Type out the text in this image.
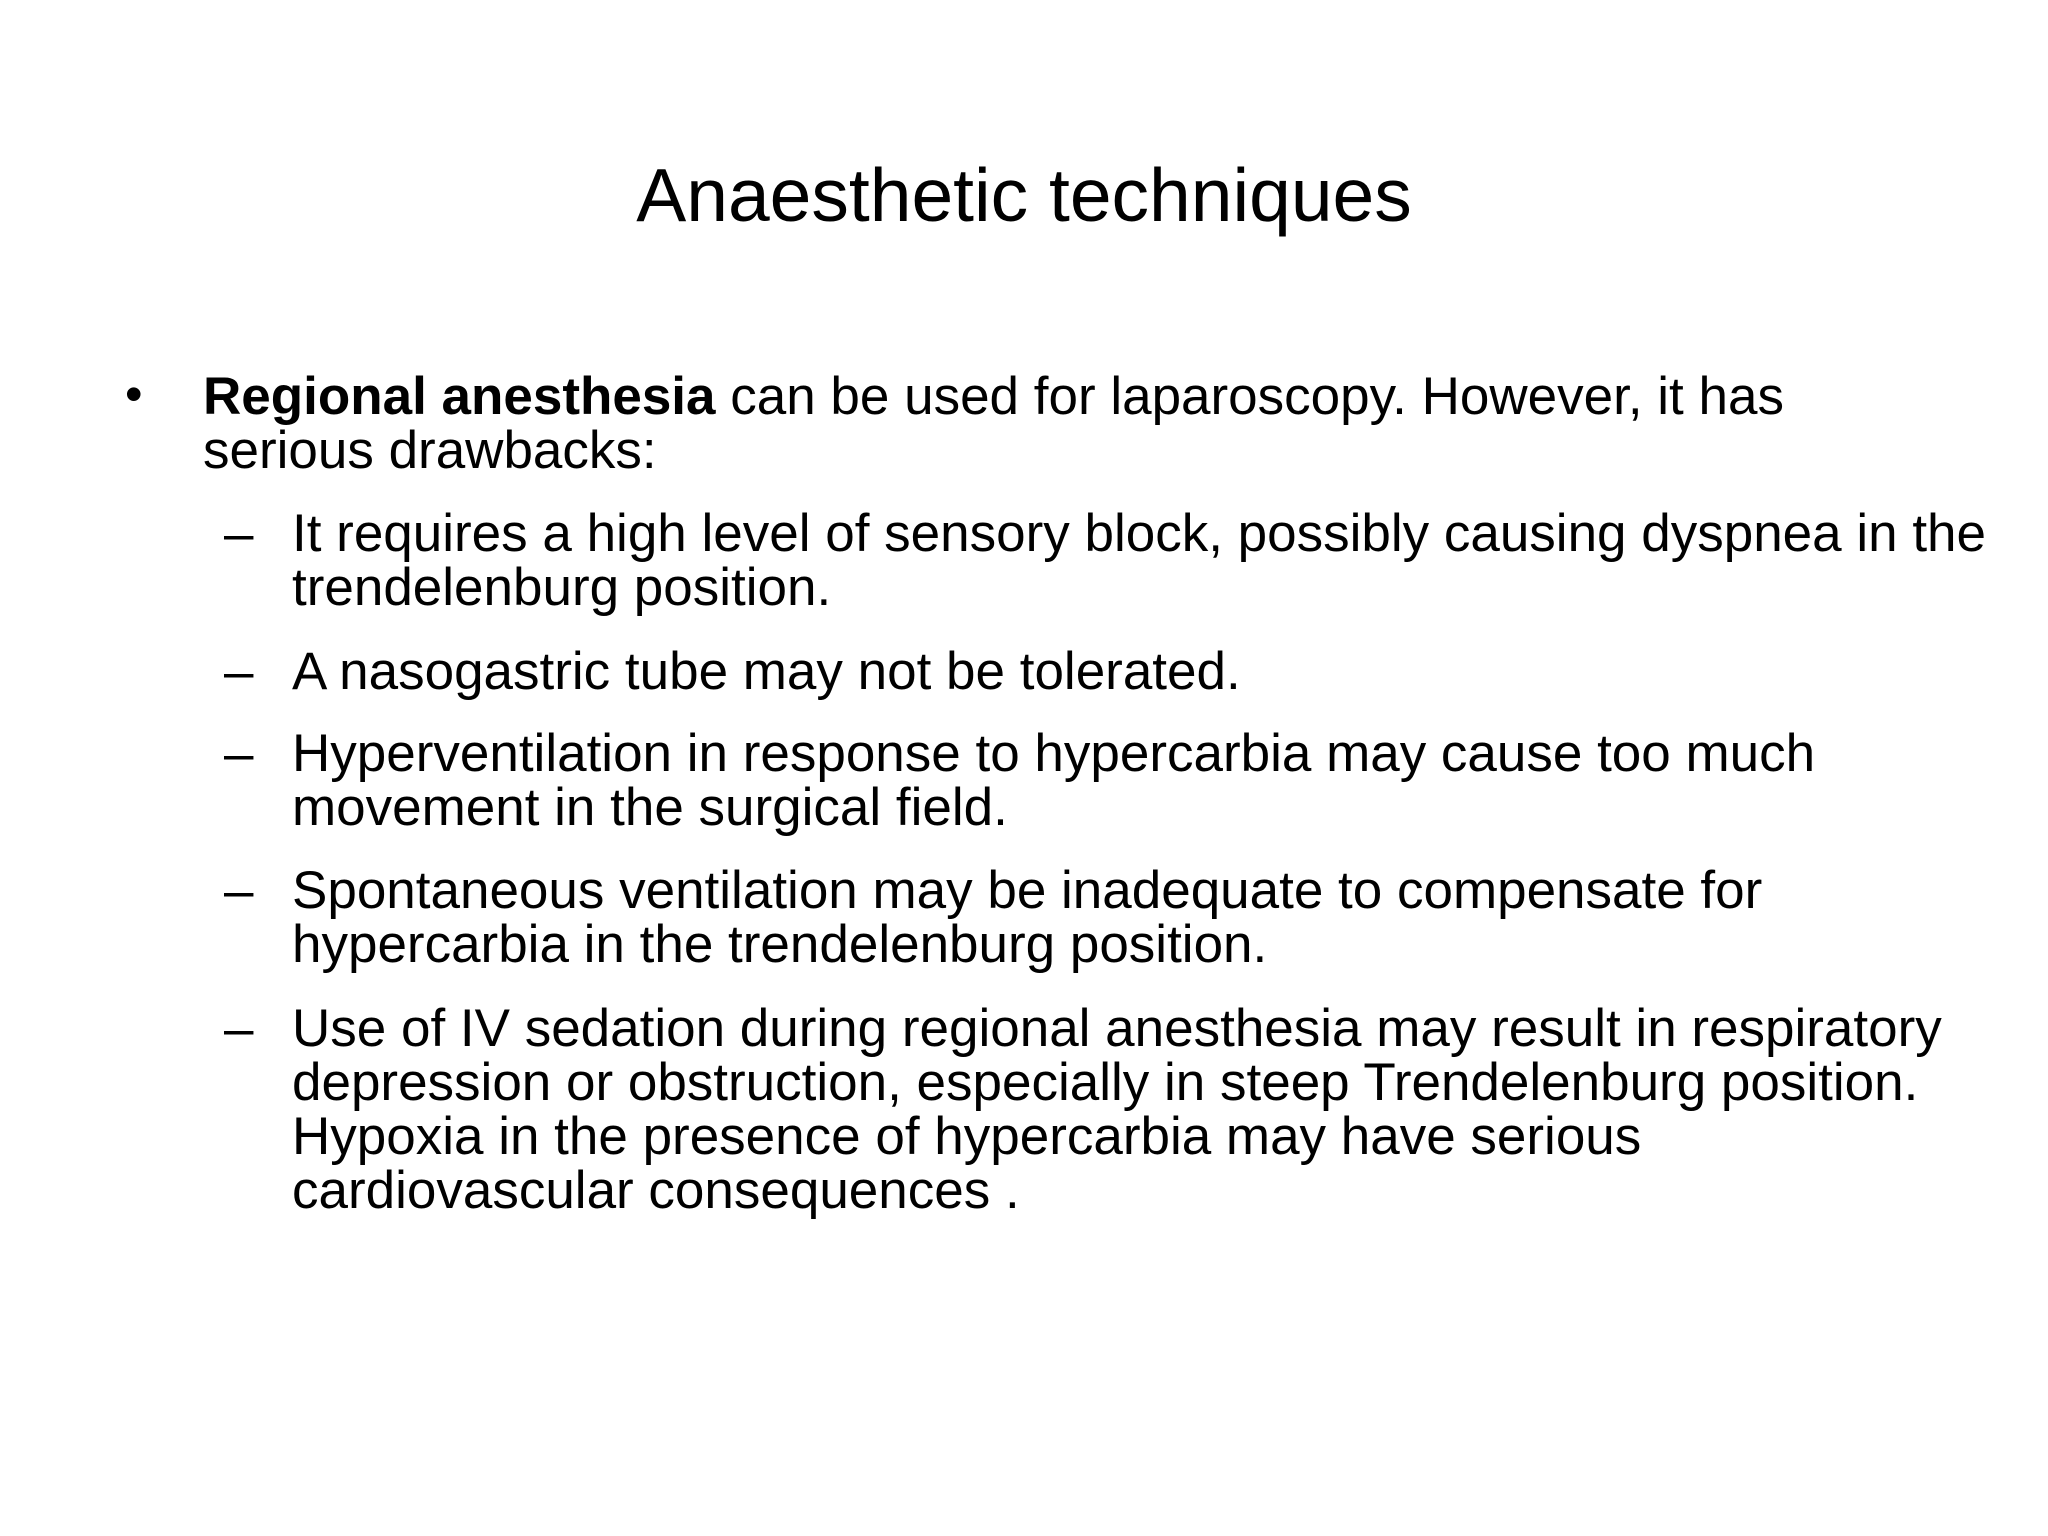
Anaesthetic techniques
• Regional anesthesia can be used for laparoscopy. However, it has serious drawbacks:
– It requires a high level of sensory block, possibly causing dyspnea in the trendelenburg position.
– A nasogastric tube may not be tolerated.
– Hyperventilation in response to hypercarbia may cause too much movement in the surgical field.
– Spontaneous ventilation may be inadequate to compensate for hypercarbia in the trendelenburg position.
– Use of IV sedation during regional anesthesia may result in respiratory depression or obstruction, especially in steep Trendelenburg position. Hypoxia in the presence of hypercarbia may have serious cardiovascular consequences .
